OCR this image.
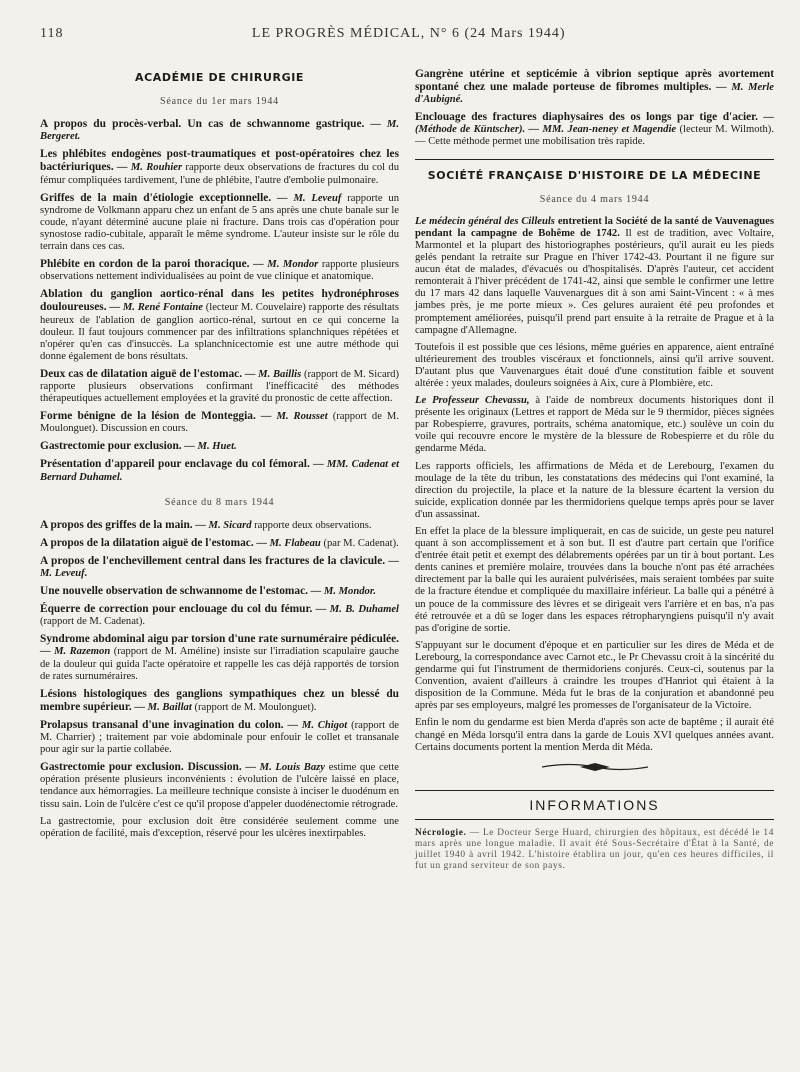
118	LE PROGRÈS MÉDICAL, N° 6 (24 Mars 1944)
ACADÉMIE DE CHIRURGIE
Séance du 1er mars 1944

A propos du procès-verbal. Un cas de schwannome gastrique. — M. Bergeret.

Les phlébites endogènes post-traumatiques et post-opératoires chez les bactériuriques. — M. Rouhier rapporte deux observations de fractures du col du fémur compliquées tardivement, l'une de phlébite, l'autre d'embolie pulmonaire.

Griffes de la main d'étiologie exceptionnelle. — M. Leveuf rapporte un syndrome de Volkmann apparu chez un enfant de 5 ans après une chute banale sur le coude, n'ayant déterminé aucune plaie ni fracture. Dans trois cas d'opération pour synostose radio-cubitale, apparaît le même syndrome. L'auteur insiste sur le rôle du terrain dans ces cas.

Phlébite en cordon de la paroi thoracique. — M. Mondor rapporte plusieurs observations nettement individualisées au point de vue clinique et anatomique.

Ablation du ganglion aortico-rénal dans les petites hydronéphroses douloureuses. — M. René Fontaine (lecteur M. Couvelaire) rapporte des résultats heureux de l'ablation de ganglion aortico-rénal, surtout en ce qui concerne la douleur. Il faut toujours commencer par des infiltrations splanchniques répétées et n'opérer qu'en cas d'insuccès. La splanchnicectomie est une autre méthode qui donne également de bons résultats.

Deux cas de dilatation aiguë de l'estomac. — M. Baillis (rapport de M. Sicard) rapporte plusieurs observations confirmant l'inefficacité des méthodes thérapeutiques actuellement employées et la gravité du pronostic de cette affection.

Forme bénigne de la lésion de Monteggia. — M. Rousset (rapport de M. Moulonguet). Discussion en cours.

Gastrectomie pour exclusion. — M. Huet.

Présentation d'appareil pour enclavage du col fémoral. — MM. Cadenat et Bernard Duhamel.

Séance du 8 mars 1944

A propos des griffes de la main. — M. Sicard rapporte deux observations.

A propos de la dilatation aiguë de l'estomac. — M. Flabeau (par M. Cadenat).

A propos de l'enchevillement central dans les fractures de la clavicule. — M. Leveuf.

Une nouvelle observation de schwannome de l'estomac. — M. Mondor.

Équerre de correction pour enclouage du col du fémur. — M. B. Duhamel (rapport de M. Cadenat).

Syndrome abdominal aigu par torsion d'une rate surnuméraire pédiculée. — M. Razemon (rapport de M. Améline) insiste sur l'irradiation scapulaire gauche de la douleur qui guida l'acte opératoire et rappelle les cas déjà rapportés de torsion de rates surnuméraires.

Lésions histologiques des ganglions sympathiques chez un blessé du membre supérieur. — M. Baillat (rapport de M. Moulonguet).

Prolapsus transanal d'une invagination du colon. — M. Chigot (rapport de M. Charrier) ; traitement par voie abdominale pour enfouir le collet et transanale pour agir sur la partie collabée.

Gastrectomie pour exclusion. Discussion. — M. Louis Bazy estime que cette opération présente plusieurs inconvénients : évolution de l'ulcère laissé en place, tendance aux hémorragies. La meilleure technique consiste à inciser le duodénum en tissu sain. Loin de l'ulcère c'est ce qu'il propose d'appeler duodénectomie rétrograde.

La gastrectomie, pour exclusion doit être considérée seulement comme une opération de facilité, mais d'exception, réservé pour les ulcères inextirpables.

Gangrène utérine et septicémie à vibrion septique après avortement spontané chez une malade porteuse de fibromes multiples. — M. Merle d'Aubigné.

Enclouage des fractures diaphysaires des os longs par tige d'acier. — (Méthode de Küntscher). — MM. Jean-neney et Magendie (lecteur M. Wilmoth). — Cette méthode permet une mobilisation très rapide.

SOCIÉTÉ FRANÇAISE D'HISTOIRE DE LA MÉDECINE
Séance du 4 mars 1944

Le médecin général des Cilleuls entretient la Société de la santé de Vauvenagues pendant la campagne de Bohême de 1742. Il est de tradition, avec Voltaire, Marmontel et la plupart des historiographes postérieurs, qu'il aurait eu les pieds gelés pendant la retraite sur Prague en l'hiver 1742-43. Pourtant il ne figure sur aucun état de malades, d'évacués ou d'hospitalisés. D'après l'auteur, cet accident remonterait à l'hiver précédent de 1741-42, ainsi que semble le confirmer une lettre du 17 mars 42 dans laquelle Vauvenargues dit à son ami Saint-Vincent : « à mes jambes près, je me porte mieux ». Ces gelures auraient été peu profondes et promptement améliorées, puisqu'il prend part ensuite à la retraite de Prague et à la campagne d'Allemagne.

Toutefois il est possible que ces lésions, même guéries en apparence, aient entraîné ultérieurement des troubles viscéraux et fonctionnels, ainsi qu'il arrive souvent. D'autant plus que Vauvenargues était doué d'une constitution faible et souvent altérée : yeux malades, douleurs soignées à Aix, cure à Plombière, etc.

Le Professeur Chevassu, à l'aide de nombreux documents historiques dont il présente les originaux (Lettres et rapport de Méda sur le 9 thermidor, pièces signées par Robespierre, gravures, portraits, schéma anatomique, etc.) soulève un coin du voile qui recouvre encore le mystère de la blessure de Robespierre et du rôle du gendarme Méda.

Les rapports officiels, les affirmations de Méda et de Lerebourg, l'examen du moulage de la tête du tribun, les constatations des médecins qui l'ont examiné, la direction du projectile, la place et la nature de la blessure écartent la version du suicide, explication donnée par les thermidoriens quelque temps après pour se laver d'un assassinat.

En effet la place de la blessure impliquerait, en cas de suicide, un geste peu naturel quant à son accomplissement et à son but. Il est d'autre part certain que l'orifice d'entrée était petit et exempt des délabrements opérées par un tir à bout portant. Les dents canines et première molaire, trouvées dans la bouche n'ont pas été arrachées directement par la balle qui les auraient pulvérisées, mais seraient tombées par suite de la fracture étendue et compliquée du maxillaire inférieur. La balle qui a pénétré à un pouce de la commissure des lèvres et se dirigeait vers l'arrière et en bas, n'a pas été retrouvée et a dû se loger dans les espaces rétropharyngiens puisqu'il n'y avait pas d'origine de sortie.

S'appuyant sur le document d'époque et en particulier sur les dires de Méda et de Lerebourg, la correspondance avec Carnot etc., le Pr Chevassu croit à la sincérité du gendarme qui fut l'instrument de thermidoriens conjurés. Ceux-ci, soutenus par la Convention, avaient d'ailleurs à craindre les troupes d'Hanriot qui étaient à la disposition de la Commune. Méda fut le bras de la conjuration et abandonné peu après par ses employeurs, malgré les promesses de l'organisateur de la Victoire.

Enfin le nom du gendarme est bien Merda d'après son acte de baptême ; il aurait été changé en Méda lorsqu'il entra dans la garde de Louis XVI quelques années avant. Certains documents portent la mention Merda dit Méda.

INFORMATIONS

Nécrologie. — Le Docteur Serge Huard, chirurgien des hôpitaux, est décédé le 14 mars après une longue maladie. Il avait été Sous-Secrétaire d'État à la Santé, de juillet 1940 à avril 1942. L'histoire établira un jour, qu'en ces heures difficiles, il fut un grand serviteur de son pays.
